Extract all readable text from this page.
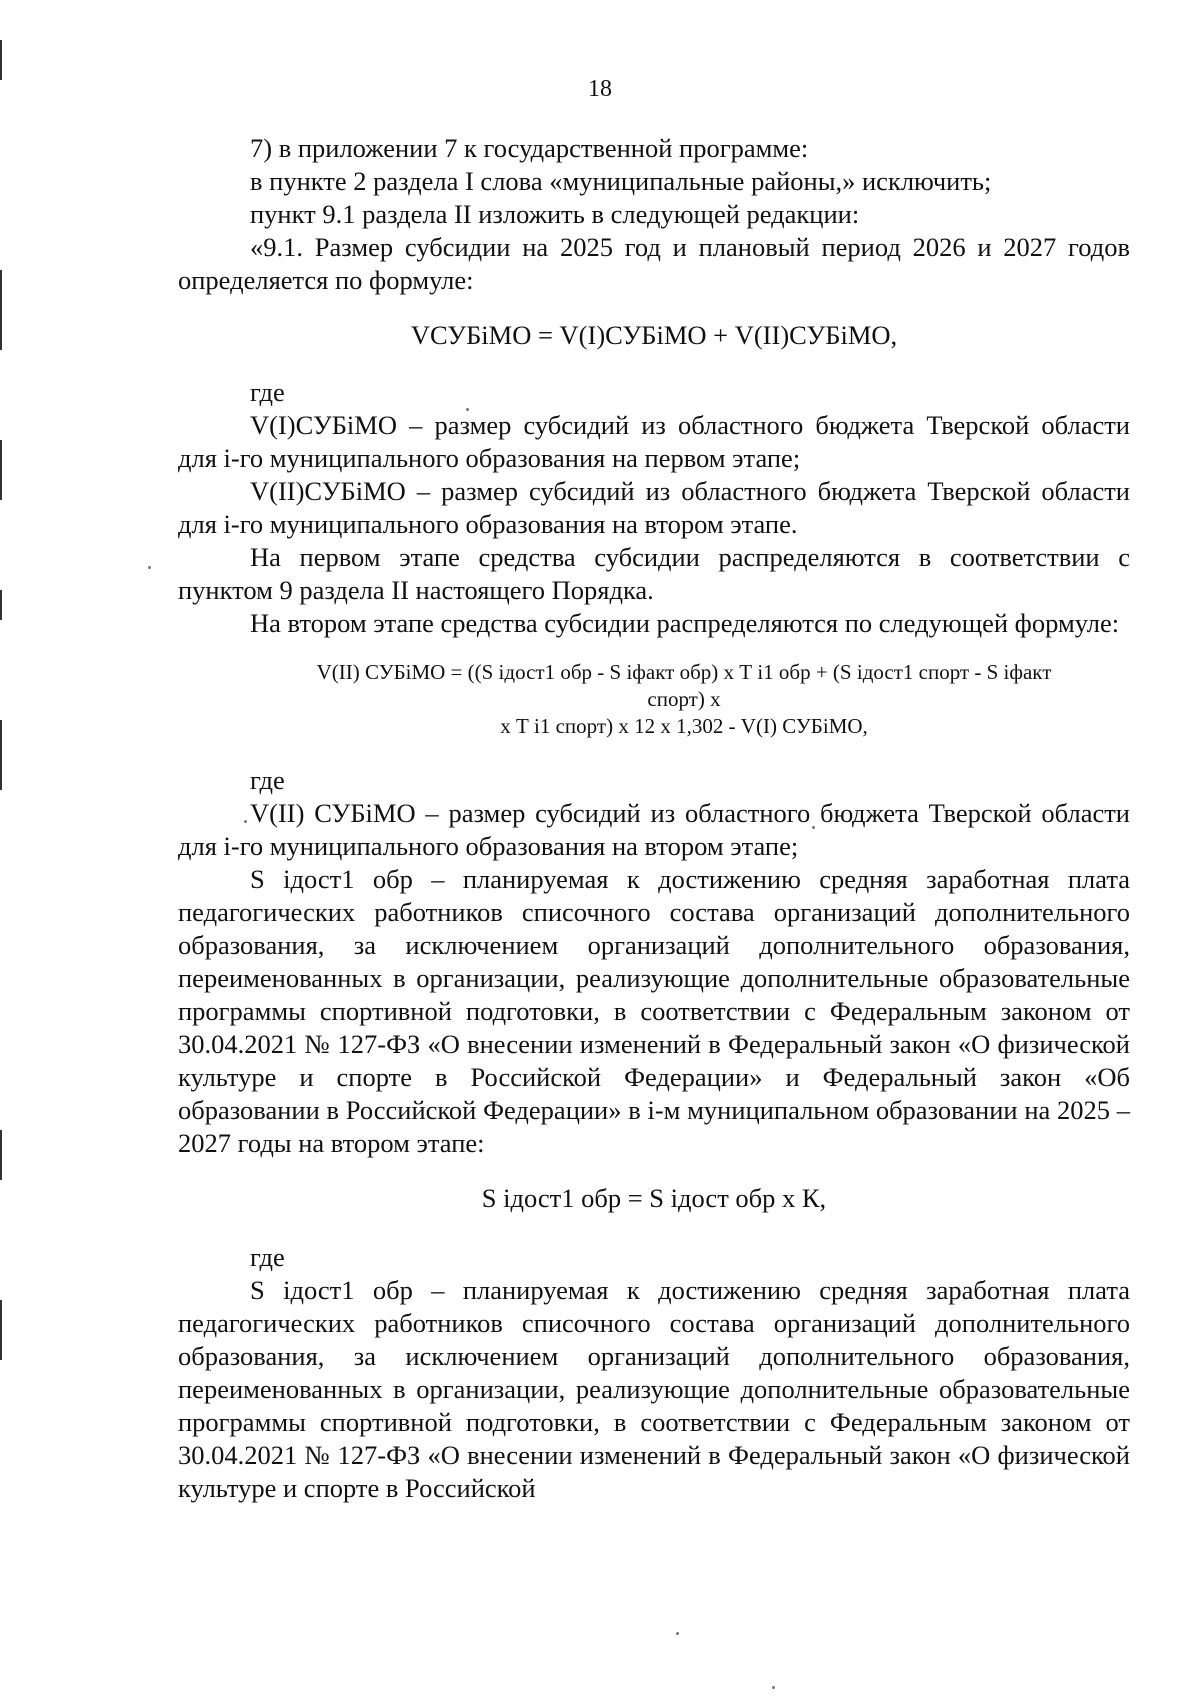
18

7) в приложении 7 к государственной программе:

в пункте 2 раздела I слова «муниципальные районы,» исключить;

пункт 9.1 раздела II изложить в следующей редакции:

«9.1. Размер субсидии на 2025 год и плановый период 2026 и 2027 годов определяется по формуле:

VСУБiМО = V(I)СУБiМО + V(II)СУБiМО,

где

V(I)СУБiМО – размер субсидий из областного бюджета Тверской области для i-го муниципального образования на первом этапе;

V(II)СУБiМО – размер субсидий из областного бюджета Тверской области для i-го муниципального образования на втором этапе.

На первом этапе средства субсидии распределяются в соответствии с пунктом 9 раздела II настоящего Порядка.

На втором этапе средства субсидии распределяются по следующей формуле:

V(II) СУБiМО = ((S iдост1 обр - S iфакт обр) х Т i1 обр + (S iдост1 спорт - S iфакт
спорт) х
х Т i1 спорт) х 12 х 1,302 - V(I) СУБiМО,

где

V(II) СУБiМО – размер субсидий из областного бюджета Тверской области для i-го муниципального образования на втором этапе;

S iдост1 обр – планируемая к достижению средняя заработная плата педагогических работников списочного состава организаций дополнительного образования, за исключением организаций дополнительного образования, переименованных в организации, реализующие дополнительные образовательные программы спортивной подготовки, в соответствии с Федеральным законом от 30.04.2021 № 127-ФЗ «О внесении изменений в Федеральный закон «О физической культуре и спорте в Российской Федерации» и Федеральный закон «Об образовании в Российской Федерации» в i-м муниципальном образовании на 2025 – 2027 годы на втором этапе:

S iдост1 обр = S iдост обр х К,

где

S iдост1 обр – планируемая к достижению средняя заработная плата педагогических работников списочного состава организаций дополнительного образования, за исключением организаций дополнительного образования, переименованных в организации, реализующие дополнительные образовательные программы спортивной подготовки, в соответствии с Федеральным законом от 30.04.2021 № 127-ФЗ «О внесении изменений в Федеральный закон «О физической культуре и спорте в Российской
